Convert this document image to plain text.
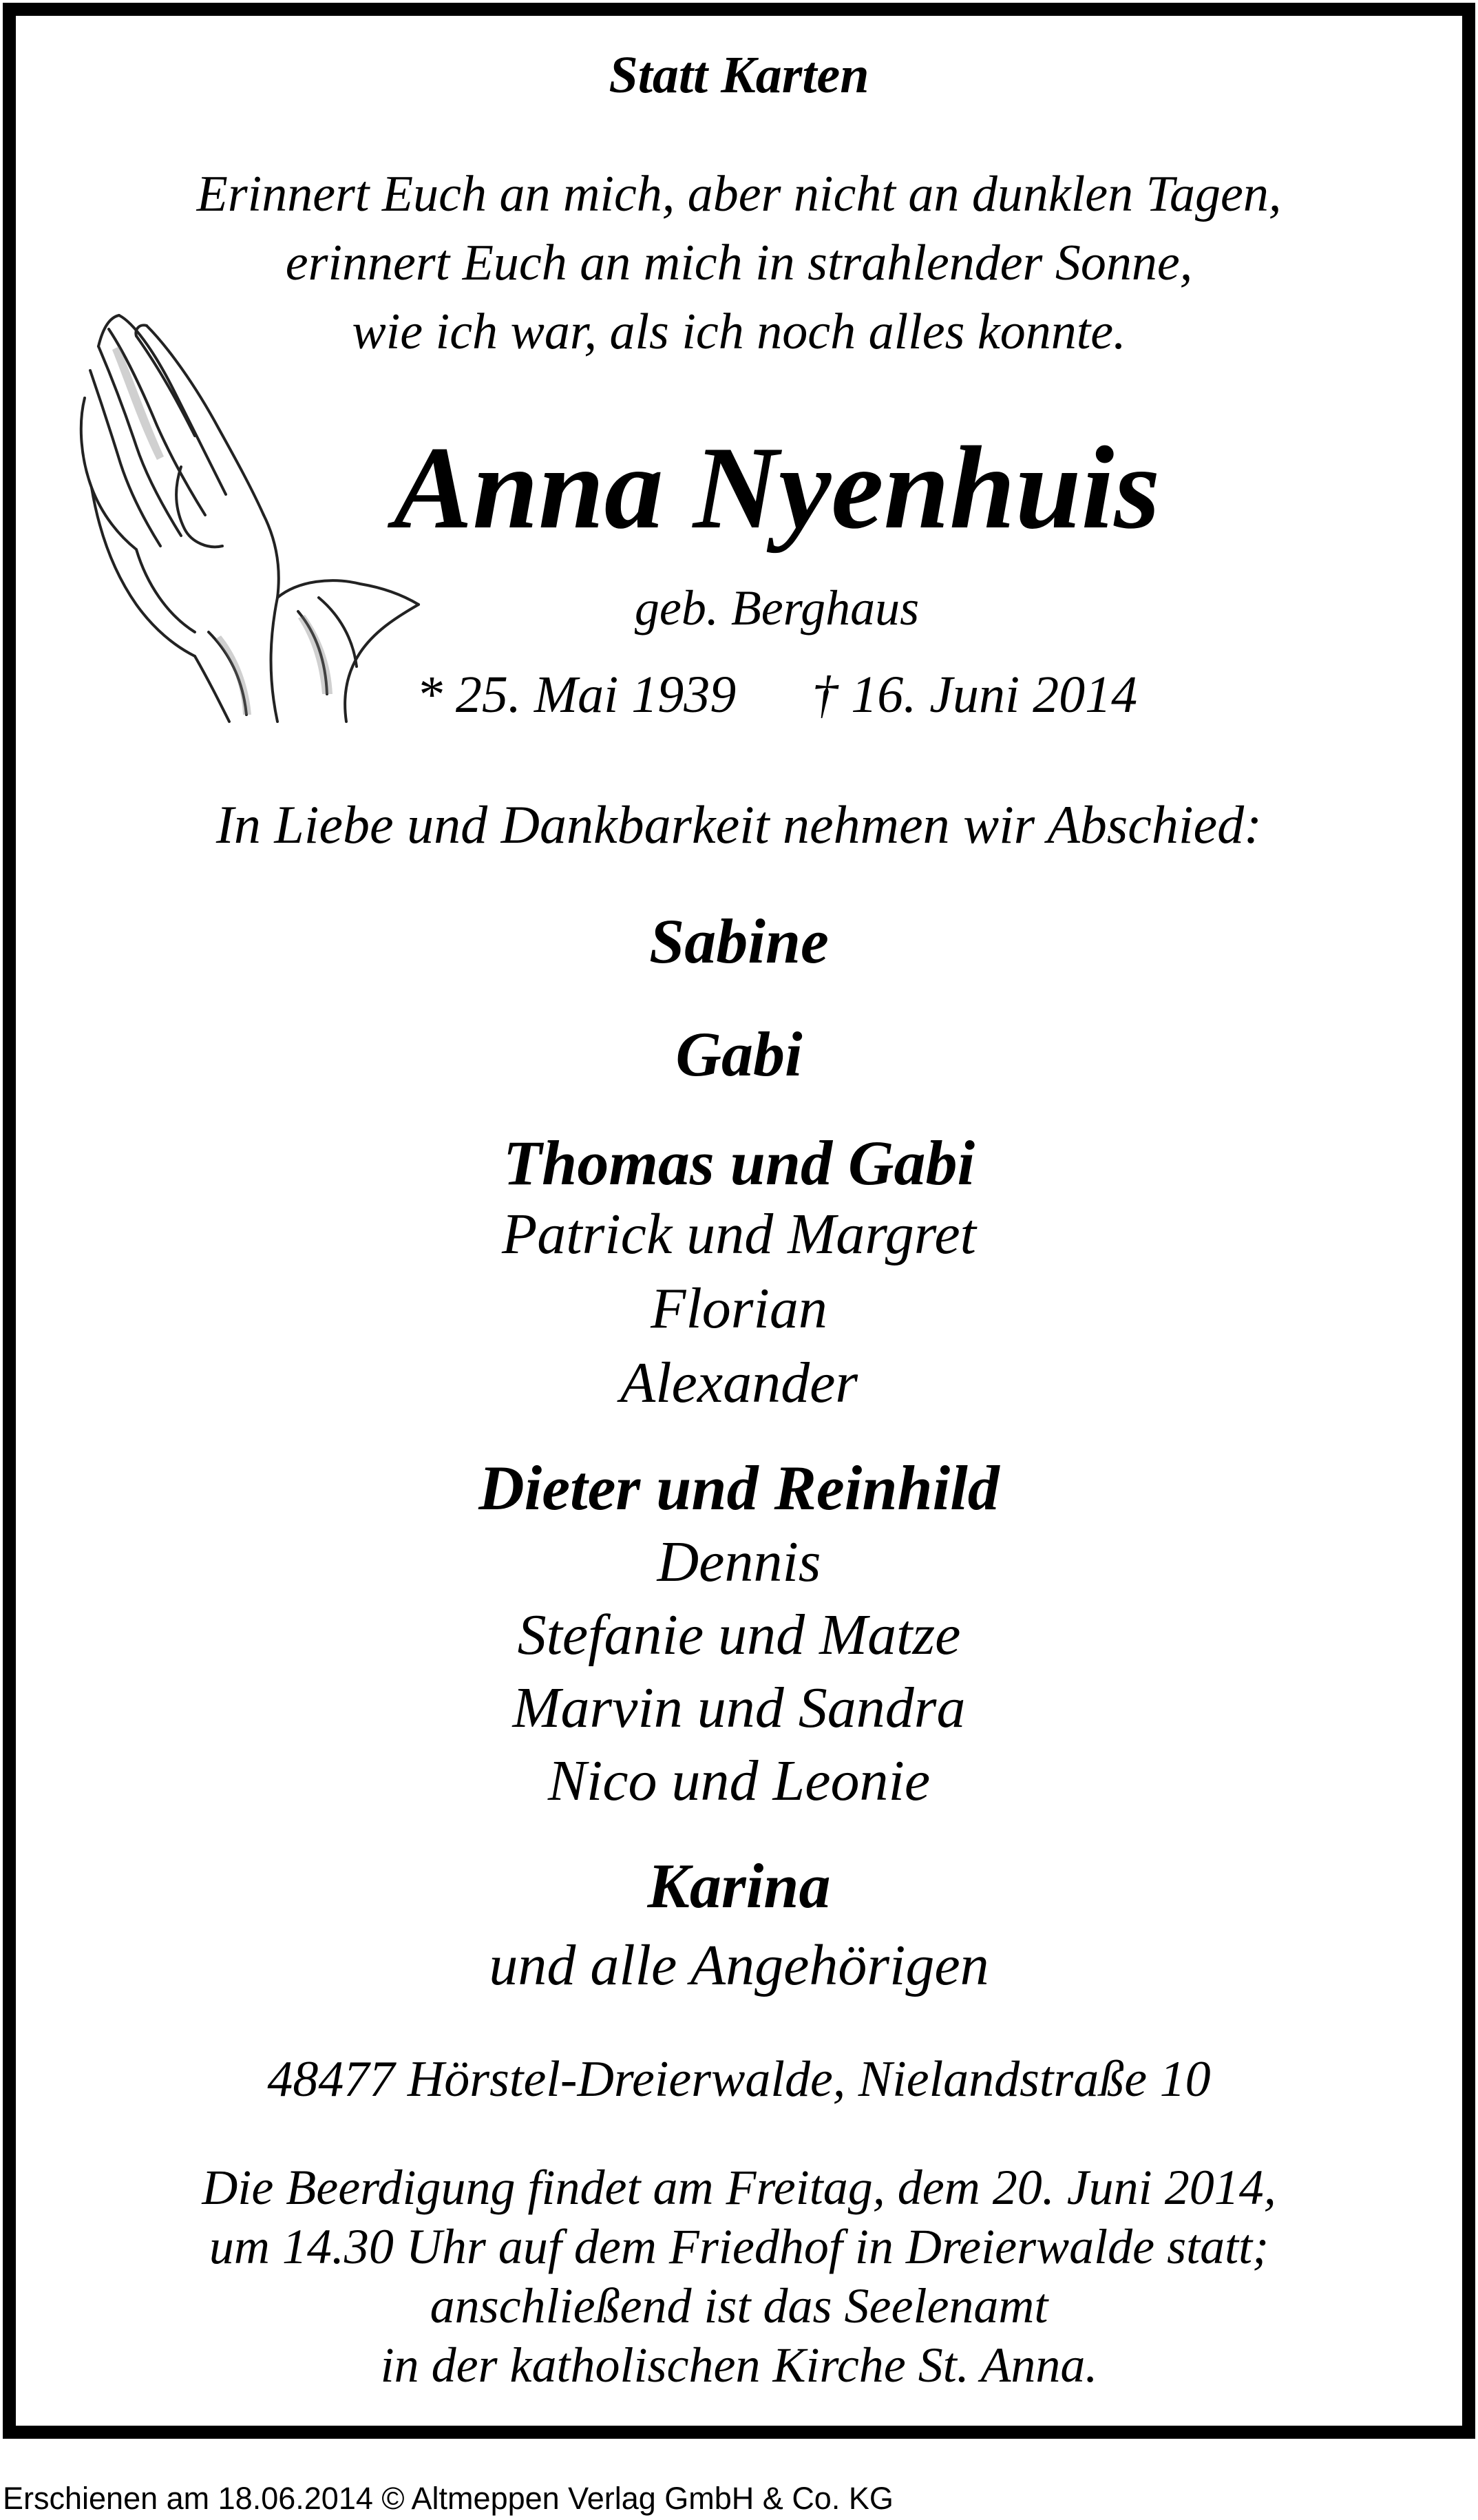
Statt Karten
Erinnert Euch an mich, aber nicht an dunklen Tagen,
erinnert Euch an mich in strahlender Sonne,
wie ich war, als ich noch alles konnte.
Anna Nyenhuis
geb. Berghaus
* 25. Mai 1939 † 16. Juni 2014
In Liebe und Dankbarkeit nehmen wir Abschied:
Sabine
Gabi
Thomas und Gabi
Patrick und Margret
Florian
Alexander
Dieter und Reinhild
Dennis
Stefanie und Matze
Marvin und Sandra
Nico und Leonie
Karina
und alle Angehörigen
48477 Hörstel-Dreierwalde, Nielandstraße 10
Die Beerdigung findet am Freitag, dem 20. Juni 2014,
um 14.30 Uhr auf dem Friedhof in Dreierwalde statt;
anschließend ist das Seelenamt
in der katholischen Kirche St. Anna.
Erschienen am 18.06.2014 © Altmeppen Verlag GmbH & Co. KG
